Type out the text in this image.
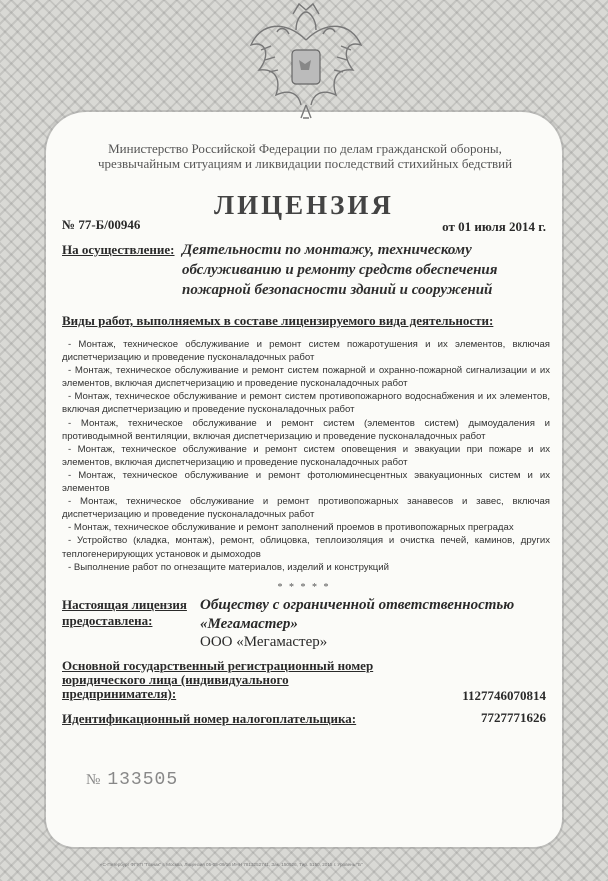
Министерство Российской Федерации по делам гражданской обороны,
чрезвычайным ситуациям и ликвидации последствий стихийных бедствий
ЛИЦЕНЗИЯ
№ 77-Б/00946	от 01 июля 2014 г.
На осуществление: Деятельности по монтажу, техническому обслуживанию и ремонту средств обеспечения пожарной безопасности зданий и сооружений
Виды работ, выполняемых в составе лицензируемого вида деятельности:
- Монтаж, техническое обслуживание и ремонт систем пожаротушения и их элементов, включая диспетчеризацию и проведение пусконаладочных работ
- Монтаж, техническое обслуживание и ремонт систем пожарной и охранно-пожарной сигнализации и их элементов, включая диспетчеризацию и проведение пусконаладочных работ
- Монтаж, техническое обслуживание и ремонт систем противопожарного водоснабжения и их элементов, включая диспетчеризацию и проведение пусконаладочных работ
- Монтаж, техническое обслуживание и ремонт систем (элементов систем) дымоудаления и противодымной вентиляции, включая диспетчеризацию и проведение пусконаладочных работ
- Монтаж, техническое обслуживание и ремонт систем оповещения и эвакуации при пожаре и их элементов, включая диспетчеризацию и проведение пусконаладочных работ
- Монтаж, техническое обслуживание и ремонт фотолюминесцентных эвакуационных систем и их элементов
- Монтаж, техническое обслуживание и ремонт противопожарных занавесов и завес, включая диспетчеризацию и проведение пусконаладочных работ
- Монтаж, техническое обслуживание и ремонт заполнений проемов в противопожарных преградах
- Устройство (кладка, монтаж), ремонт, облицовка, теплоизоляция и очистка печей, каминов, других теплогенерирующих установок и дымоходов
- Выполнение работ по огнезащите материалов, изделий и конструкций
* * * * *
Настоящая лицензия предоставлена:
Обществу с ограниченной ответственностью «Мегамастер»
ООО «Мегамастер»
Основной государственный регистрационный номер юридического лица (индивидуального предпринимателя):	1127746070814
Идентификационный номер налогоплательщика:	7727771626
№ 133505
«С-Петербург ФГУП "Гознак" г. Москва, Лицензия 05-05-09/16 ИНН 7813252741, Зак. 150526, Тир. 5150, 2015 г. Уровень "Б"
